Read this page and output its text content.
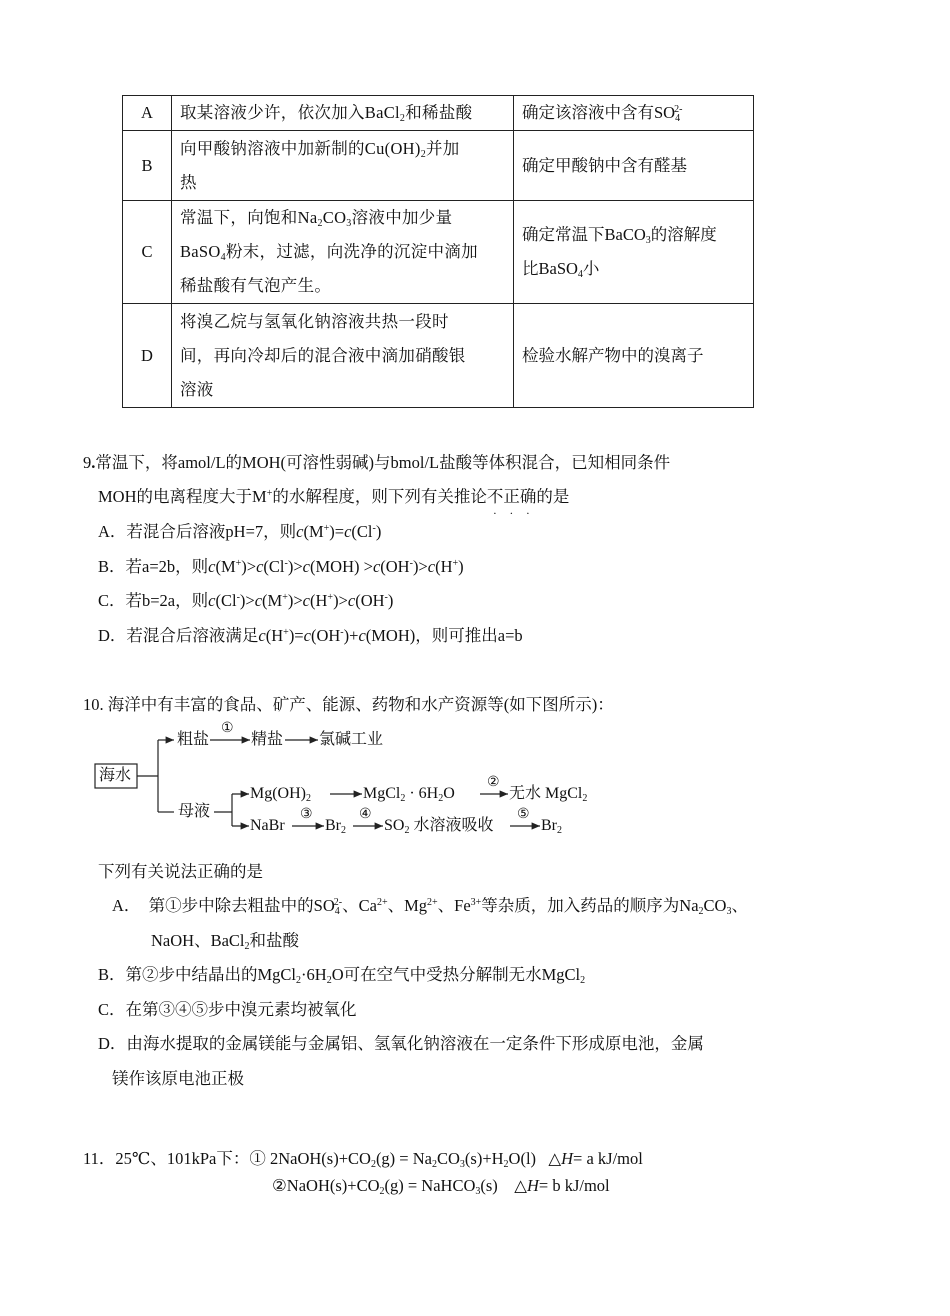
A	取某溶液少许，依次加入BaCl$_2$和稀盐酸	确定该溶液中含有$SO_4^{2-}$
B	向甲酸钠溶液中加新制的$Cu(OH)_2$并加
热	确定甲酸钠中含有醛基
C	常温下，向饱和$Na_2CO_3$溶液中加少量
BaSO$_4$粉末，过滤，向洗净的沉淀中滴加
稀盐酸有气泡产生。	确定常温下BaCO$_3$的溶解度
比BaSO$_4$小
D	将溴乙烷与氢氧化钠溶液共热一段时
间，再向冷却后的混合液中滴加硝酸银
溶液	检验水解产物中的溴离子
9.常温下，将amol/L的MOH(可溶性弱碱)与bmol/L盐酸等体积混合，已知相同条件
MOH的电离程度大于M+的水解程度，则下列有关推论不
·
正
·
确
·
的是
A．若混合后溶液pH=7，则c(M+)=c(Cl-)
B．若a=2b，则c(M+)>c(Cl-)>c(MOH) >c(OH-)>c(H+)
C．若b=2a，则c(Cl-)>c(M+)>c(H+)>c(OH-)
D．若混合后溶液满足c(H+)=c(OH-)+c(MOH)，则可推出a=b
10. 海洋中有丰富的食品、矿产、能源、药物和水产资源等(如下图所示)：
海水
粗盐
①
精盐 氯碱工业
母液
$Mg(OH)_2$	MgCl$_2$ · $6H_2O$
②
无水 MgCl$_2$
NaBr
③
$Br_2$
④
$SO_2$ 水溶液吸收
⑤
$Br_2$
下列有关说法正确的是
A．  第①步中除去粗盐中的$SO_4^{2-}$、$Ca^{2+}$、$Mg^{2+}$、$Fe^{3+}$等杂质，加入药品的顺序为$Na_2CO_3$、
NaOH、BaCl$_2$和盐酸
B．第②步中结晶出的$MgCl_2\cdot 6H_2O$可在空气中受热分解制无水MgCl$_2$
C．在第③④⑤步中溴元素均被氧化
D．由海水提取的金属镁能与金属铝、氢氧化钠溶液在一定条件下形成原电池，金属
镁作该原电池正极
11．25℃、101kPa下：① $2NaOH(s)+CO_2(g) = Na_2CO_3(s)+H_2O(l)$   △H= a kJ/mol
$②NaOH(s)+CO_2(g)$ = NaHCO$_3$(s)    △H= b kJ/mol
